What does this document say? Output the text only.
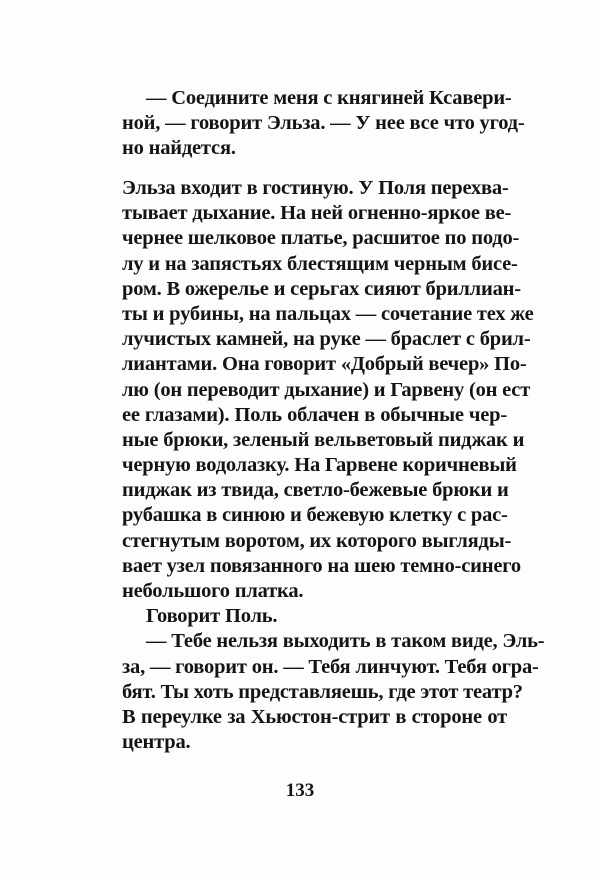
— Соедините меня с княгиней Ксавери-
ной, — говорит Эльза. — У нее все что угод-
но найдется.
Эльза входит в гостиную. У Поля перехва-
тывает дыхание. На ней огненно-яркое ве-
чернее шелковое платье, расшитое по подо-
лу и на запястьях блестящим черным бисе-
ром. В ожерелье и серьгах сияют бриллиан-
ты и рубины, на пальцах — сочетание тех же
лучистых камней, на руке — браслет с брил-
лиантами. Она говорит «Добрый вечер» По-
лю (он переводит дыхание) и Гарвену (он ест
ее глазами). Поль облачен в обычные чер-
ные брюки, зеленый вельветовый пиджак и
черную водолазку. На Гарвене коричневый
пиджак из твида, светло-бежевые брюки и
рубашка в синюю и бежевую клетку с рас-
стегнутым воротом, их которого выгляды-
вает узел повязанного на шею темно-синего
небольшого платка.
Говорит Поль.
— Тебе нельзя выходить в таком виде, Эль-
за, — говорит он. — Тебя линчуют. Тебя огра-
бят. Ты хоть представляешь, где этот театр?
В переулке за Хьюстон-стрит в стороне от
центра.
133
